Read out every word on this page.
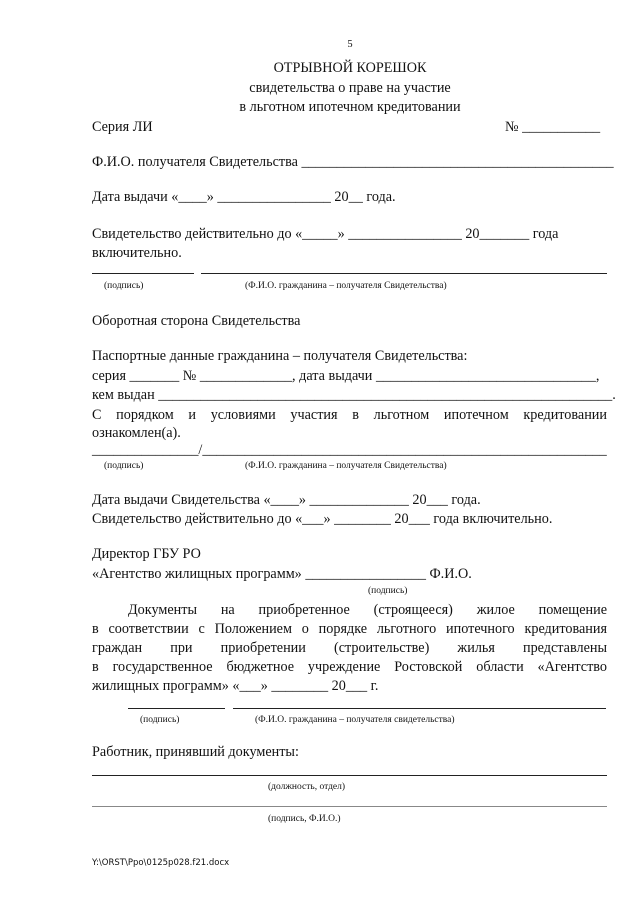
5
ОТРЫВНОЙ КОРЕШОК
свидетельства о праве на участие
в льготном ипотечном кредитовании
Серия ЛИ	№ ___________
Ф.И.О. получателя Свидетельства ____________________________________________
Дата выдачи «____» ________________ 20__ года.
Свидетельство действительно до «_____» ________________ 20_______ года
включительно.
(подпись)	(Ф.И.О. гражданина – получателя Свидетельства)
Оборотная сторона Свидетельства
Паспортные данные гражданина – получателя Свидетельства:
серия _______ № _____________, дата выдачи _______________________________,
кем выдан ________________________________________________________________.
С порядком и условиями участия в льготном ипотечном кредитовании
ознакомлен(а).
_______________/_________________________________________________________
(подпись)	(Ф.И.О. гражданина – получателя Свидетельства)
Дата выдачи Свидетельства «____» ______________ 20___ года.
Свидетельство действительно до «___» ________ 20___ года включительно.
Директор ГБУ РО
«Агентство жилищных программ» _________________ Ф.И.О.
(подпись)
Документы на приобретенное (строящееся) жилое помещение
в соответствии с Положением о порядке льготного ипотечного кредитования
граждан при приобретении (строительстве) жилья представлены
в государственное бюджетное учреждение Ростовской области «Агентство
жилищных программ» «___» ________ 20___ г.
(подпись)	(Ф.И.О. гражданина – получателя свидетельства)
Работник, принявший документы:
(должность, отдел)
(подпись, Ф.И.О.)
Y:\ORST\Ppo\0125p028.f21.docx
